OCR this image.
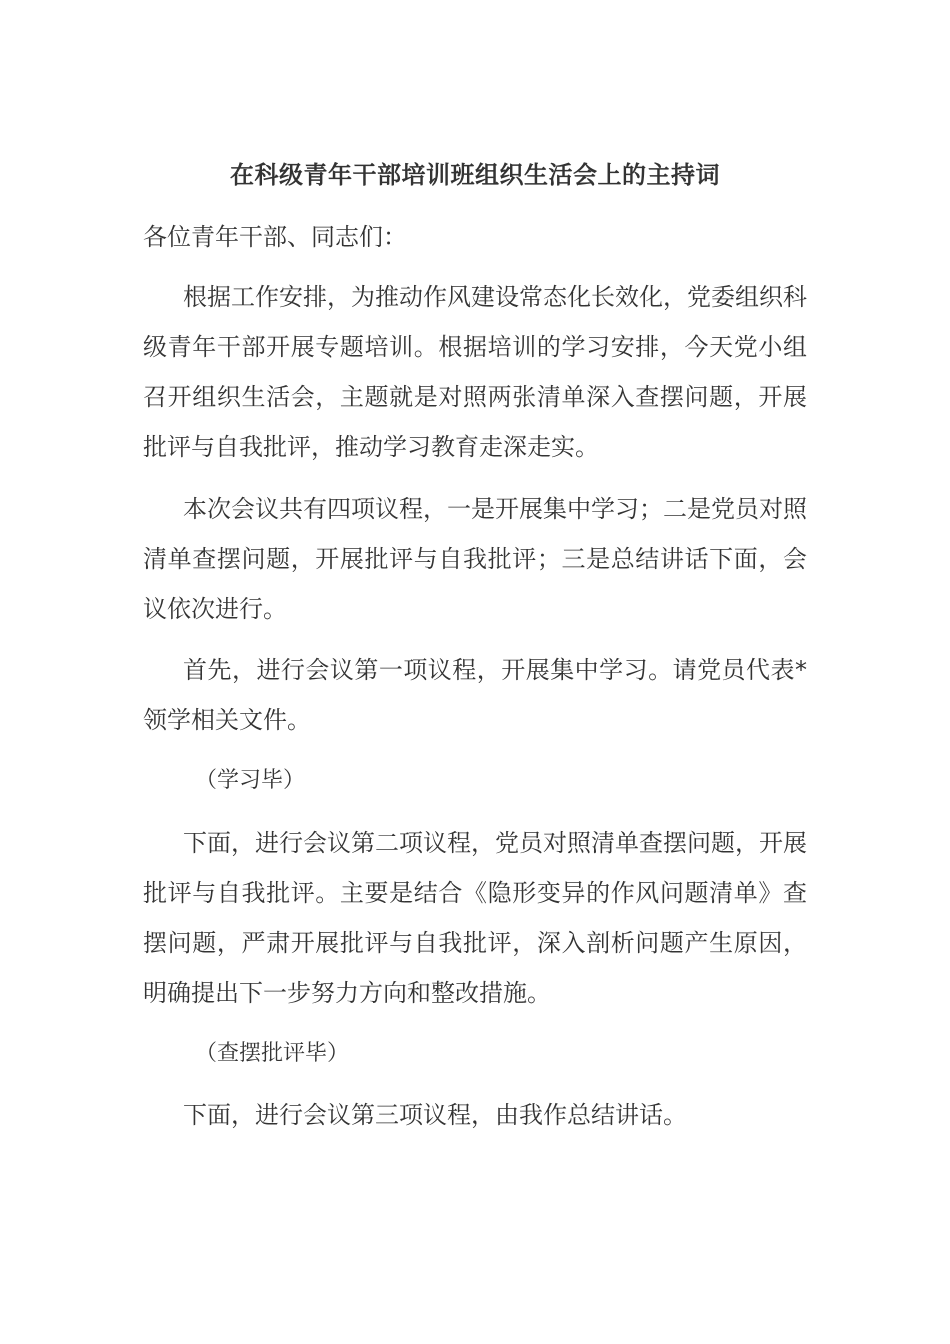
在科级青年干部培训班组织生活会上的主持词

各位青年干部、同志们：

根据工作安排，为推动作风建设常态化长效化，党委组织科级青年干部开展专题培训。根据培训的学习安排，今天党小组召开组织生活会，主题就是对照两张清单深入查摆问题，开展批评与自我批评，推动学习教育走深走实。

本次会议共有四项议程，一是开展集中学习；二是党员对照清单查摆问题，开展批评与自我批评；三是总结讲话下面，会议依次进行。

首先，进行会议第一项议程，开展集中学习。请党员代表*领学相关文件。

（学习毕）

下面，进行会议第二项议程，党员对照清单查摆问题，开展批评与自我批评。主要是结合《隐形变异的作风问题清单》查摆问题，严肃开展批评与自我批评，深入剖析问题产生原因，明确提出下一步努力方向和整改措施。

（查摆批评毕）

下面，进行会议第三项议程，由我作总结讲话。
